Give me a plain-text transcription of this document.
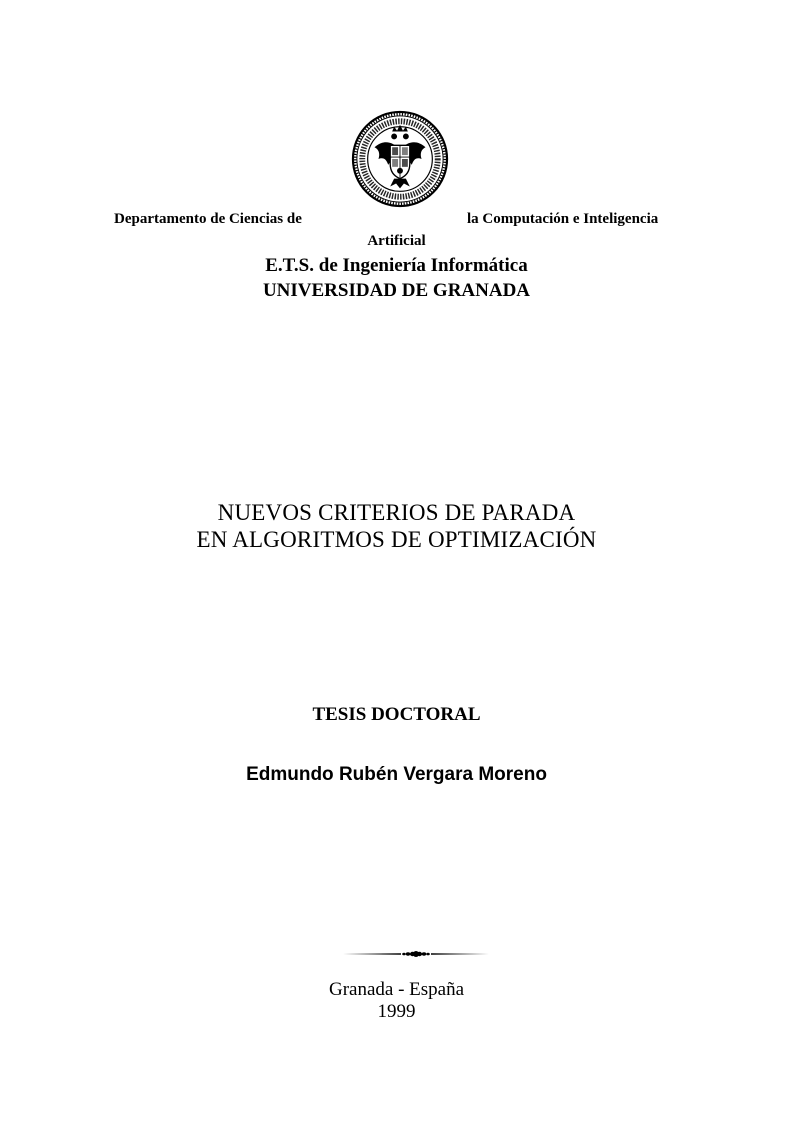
Departamento de Ciencias de	la Computación e Inteligencia
Artificial
E.T.S. de Ingeniería Informática
UNIVERSIDAD DE GRANADA
NUEVOS CRITERIOS DE PARADA
EN ALGORITMOS DE OPTIMIZACIÓN
TESIS DOCTORAL
Edmundo Rubén Vergara Moreno
Granada - España
1999
